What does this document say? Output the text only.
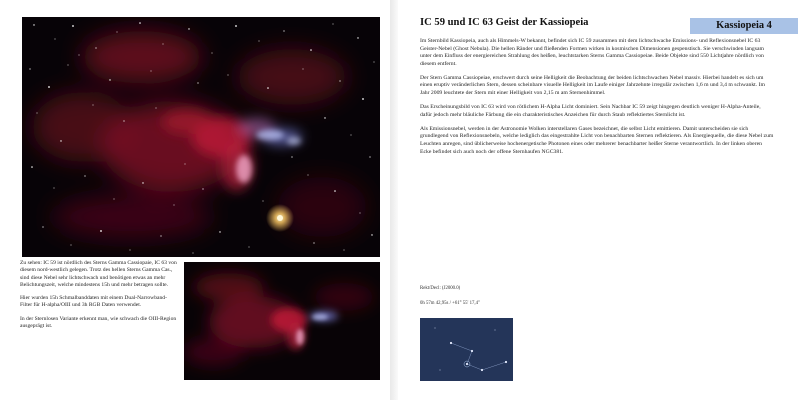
Zu sehen: IC 59 ist nördlich des Sterns Gamma Cassiopaie, IC 63 von diesem nord-westlich gelegen. Trotz des hellen Sterns Gamma Cas., sind diese Nebel sehr lichtschwach und benötigen etwas an mehr Belichtungszeit, welche mindestens 15h und mehr betragen sollte.

Hier wurden 15h Schmalbanddaten mit einem Dual-Narrowband-Filter für H-alpha/OIII und 3h RGB Daten verwendet.

In der Sternlosen Variante erkennt man, wie schwach die OIII-Region ausgeprägt ist.

IC 59 und IC 63 Geist der Kassiopeia	Kassiopeia 4

Im Sternbild Kassiopeia, auch als Himmels-W bekannt, befindet sich IC 59 zusammen mit dem lichtschwache Emissions- und Reflexionsnebel IC 63 Geister-Nebel (Ghost Nebula). Die hellen Ränder und fließenden Formen wirken in kosmischen Dimensionen gespenstisch. Sie verschwinden langsam unter dem Einfluss der energiereichen Strahlung des heißen, leuchtstarken Sterns Gamma Cassiopeiae. Beide Objekte sind 550 Lichtjahre nördlich von diesem entfernt.

Der Stern Gamma Cassiopeiae, erschwert durch seine Helligkeit die Beobachtung der beiden lichtschwachen Nebel massiv. Hierbei handelt es sich um einen eruptiv veränderlichen Stern, dessen scheinbare visuelle Helligkeit im Laufe einiger Jahrzehnte irregulär zwischen 1,6 m und 3,4 m schwankt. Im Jahr 2009 leuchtete der Stern mit einer Helligkeit von 2,15 m am Sternenhimmel.

Das Erscheinungsbild von IC 63 wird von rötlichem H-Alpha Licht dominiert. Sein Nachbar IC 59 zeigt hingegen deutlich weniger H-Alpha-Anteile, dafür jedoch mehr bläuliche Färbung die ein charakteristisches Anzeichen für durch Staub reflektiertes Sternlicht ist.

Als Emissionsnebel, werden in der Astronomie Wolken interstellaren Gases bezeichnet, die selbst Licht emittieren. Damit unterscheiden sie sich grundlegend von Reflexionsnebeln, welche lediglich das eingestrahlte Licht von benachbarten Sternen reflektieren. Als Energiequelle, die diese Nebel zum Leuchten anregen, sind üblicherweise hochenergetische Photonen eines oder mehrerer benachbarter heißer Sterne verantwortlich. In der linken oberen Ecke befindet sich auch noch der offene Sternhaufen NGC381.

Rekt/Decl: (J2000.0)
0h 57m 42,95s / +61° 55' 17,4"
